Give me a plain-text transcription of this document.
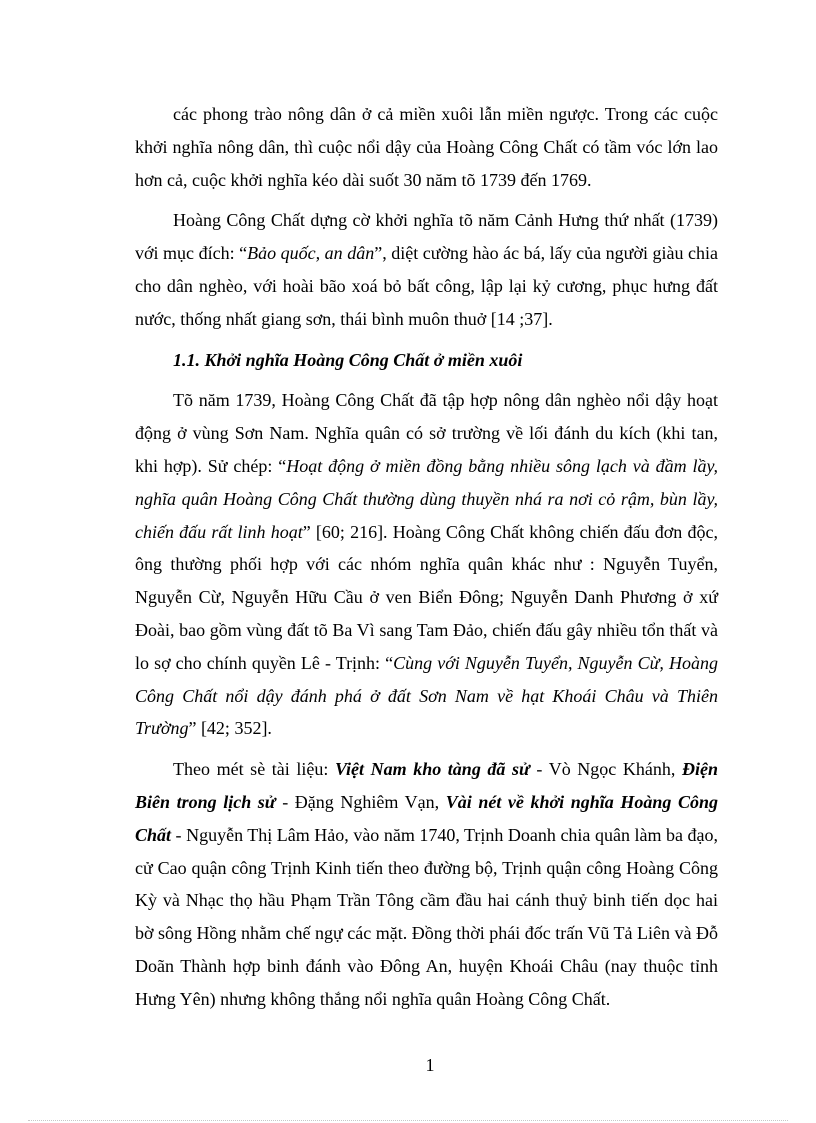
các phong trào nông dân ở cả miền xuôi lẫn miền ngược. Trong các cuộc khởi nghĩa nông dân, thì cuộc nổi dậy của Hoàng Công Chất có tầm vóc lớn lao hơn cả, cuộc khởi nghĩa kéo dài suốt 30 năm tõ 1739 đến 1769.

Hoàng Công Chất dựng cờ khởi nghĩa tõ năm Cảnh Hưng thứ nhất (1739) với mục đích: “Bảo quốc, an dân”, diệt cường hào ác bá, lấy của người giàu chia cho dân nghèo, với hoài bão xoá bỏ bất công, lập lại kỷ cương, phục hưng đất nước, thống nhất giang sơn, thái bình muôn thuở [14 ;37].

1.1. Khởi nghĩa Hoàng Công Chất ở miền xuôi

Tõ năm 1739, Hoàng Công Chất đã tập hợp nông dân nghèo nổi dậy hoạt động ở vùng Sơn Nam. Nghĩa quân có sở trường về lối đánh du kích (khi tan, khi hợp). Sử chép: “Hoạt động ở miền đồng bằng nhiều sông lạch và đầm lầy, nghĩa quân Hoàng Công Chất thường dùng thuyền nhá ra nơi cỏ rậm, bùn lầy, chiến đấu rất linh hoạt” [60; 216]. Hoàng Công Chất không chiến đấu đơn độc, ông thường phối hợp với các nhóm nghĩa quân khác như : Nguyễn Tuyển, Nguyễn Cừ, Nguyễn Hữu Cầu ở ven Biển Đông; Nguyễn Danh Phương ở xứ Đoài, bao gồm vùng đất tõ Ba Vì sang Tam Đảo, chiến đấu gây nhiều tổn thất và lo sợ cho chính quyền Lê - Trịnh: “Cùng với Nguyễn Tuyển, Nguyễn Cừ, Hoàng Công Chất nổi dậy đánh phá ở đất Sơn Nam về hạt Khoái Châu và Thiên Trường” [42; 352].

Theo mét sè tài liệu: Việt Nam kho tàng đã sử - Vò Ngọc Khánh, Điện Biên trong lịch sử - Đặng Nghiêm Vạn, Vài nét về khởi nghĩa Hoàng Công Chất - Nguyễn Thị Lâm Hảo, vào năm 1740, Trịnh Doanh chia quân làm ba đạo, cử Cao quận công Trịnh Kinh tiến theo đường bộ, Trịnh quận công Hoàng Công Kỳ và Nhạc thọ hầu Phạm Trần Tông cầm đầu hai cánh thuỷ binh tiến dọc hai bờ sông Hồng nhằm chế ngự các mặt. Đồng thời phái đốc trấn Vũ Tả Liên và Đỗ Doãn Thành hợp binh đánh vào Đông An, huyện Khoái Châu (nay thuộc tỉnh Hưng Yên) nhưng không thắng nổi nghĩa quân Hoàng Công Chất.

1
